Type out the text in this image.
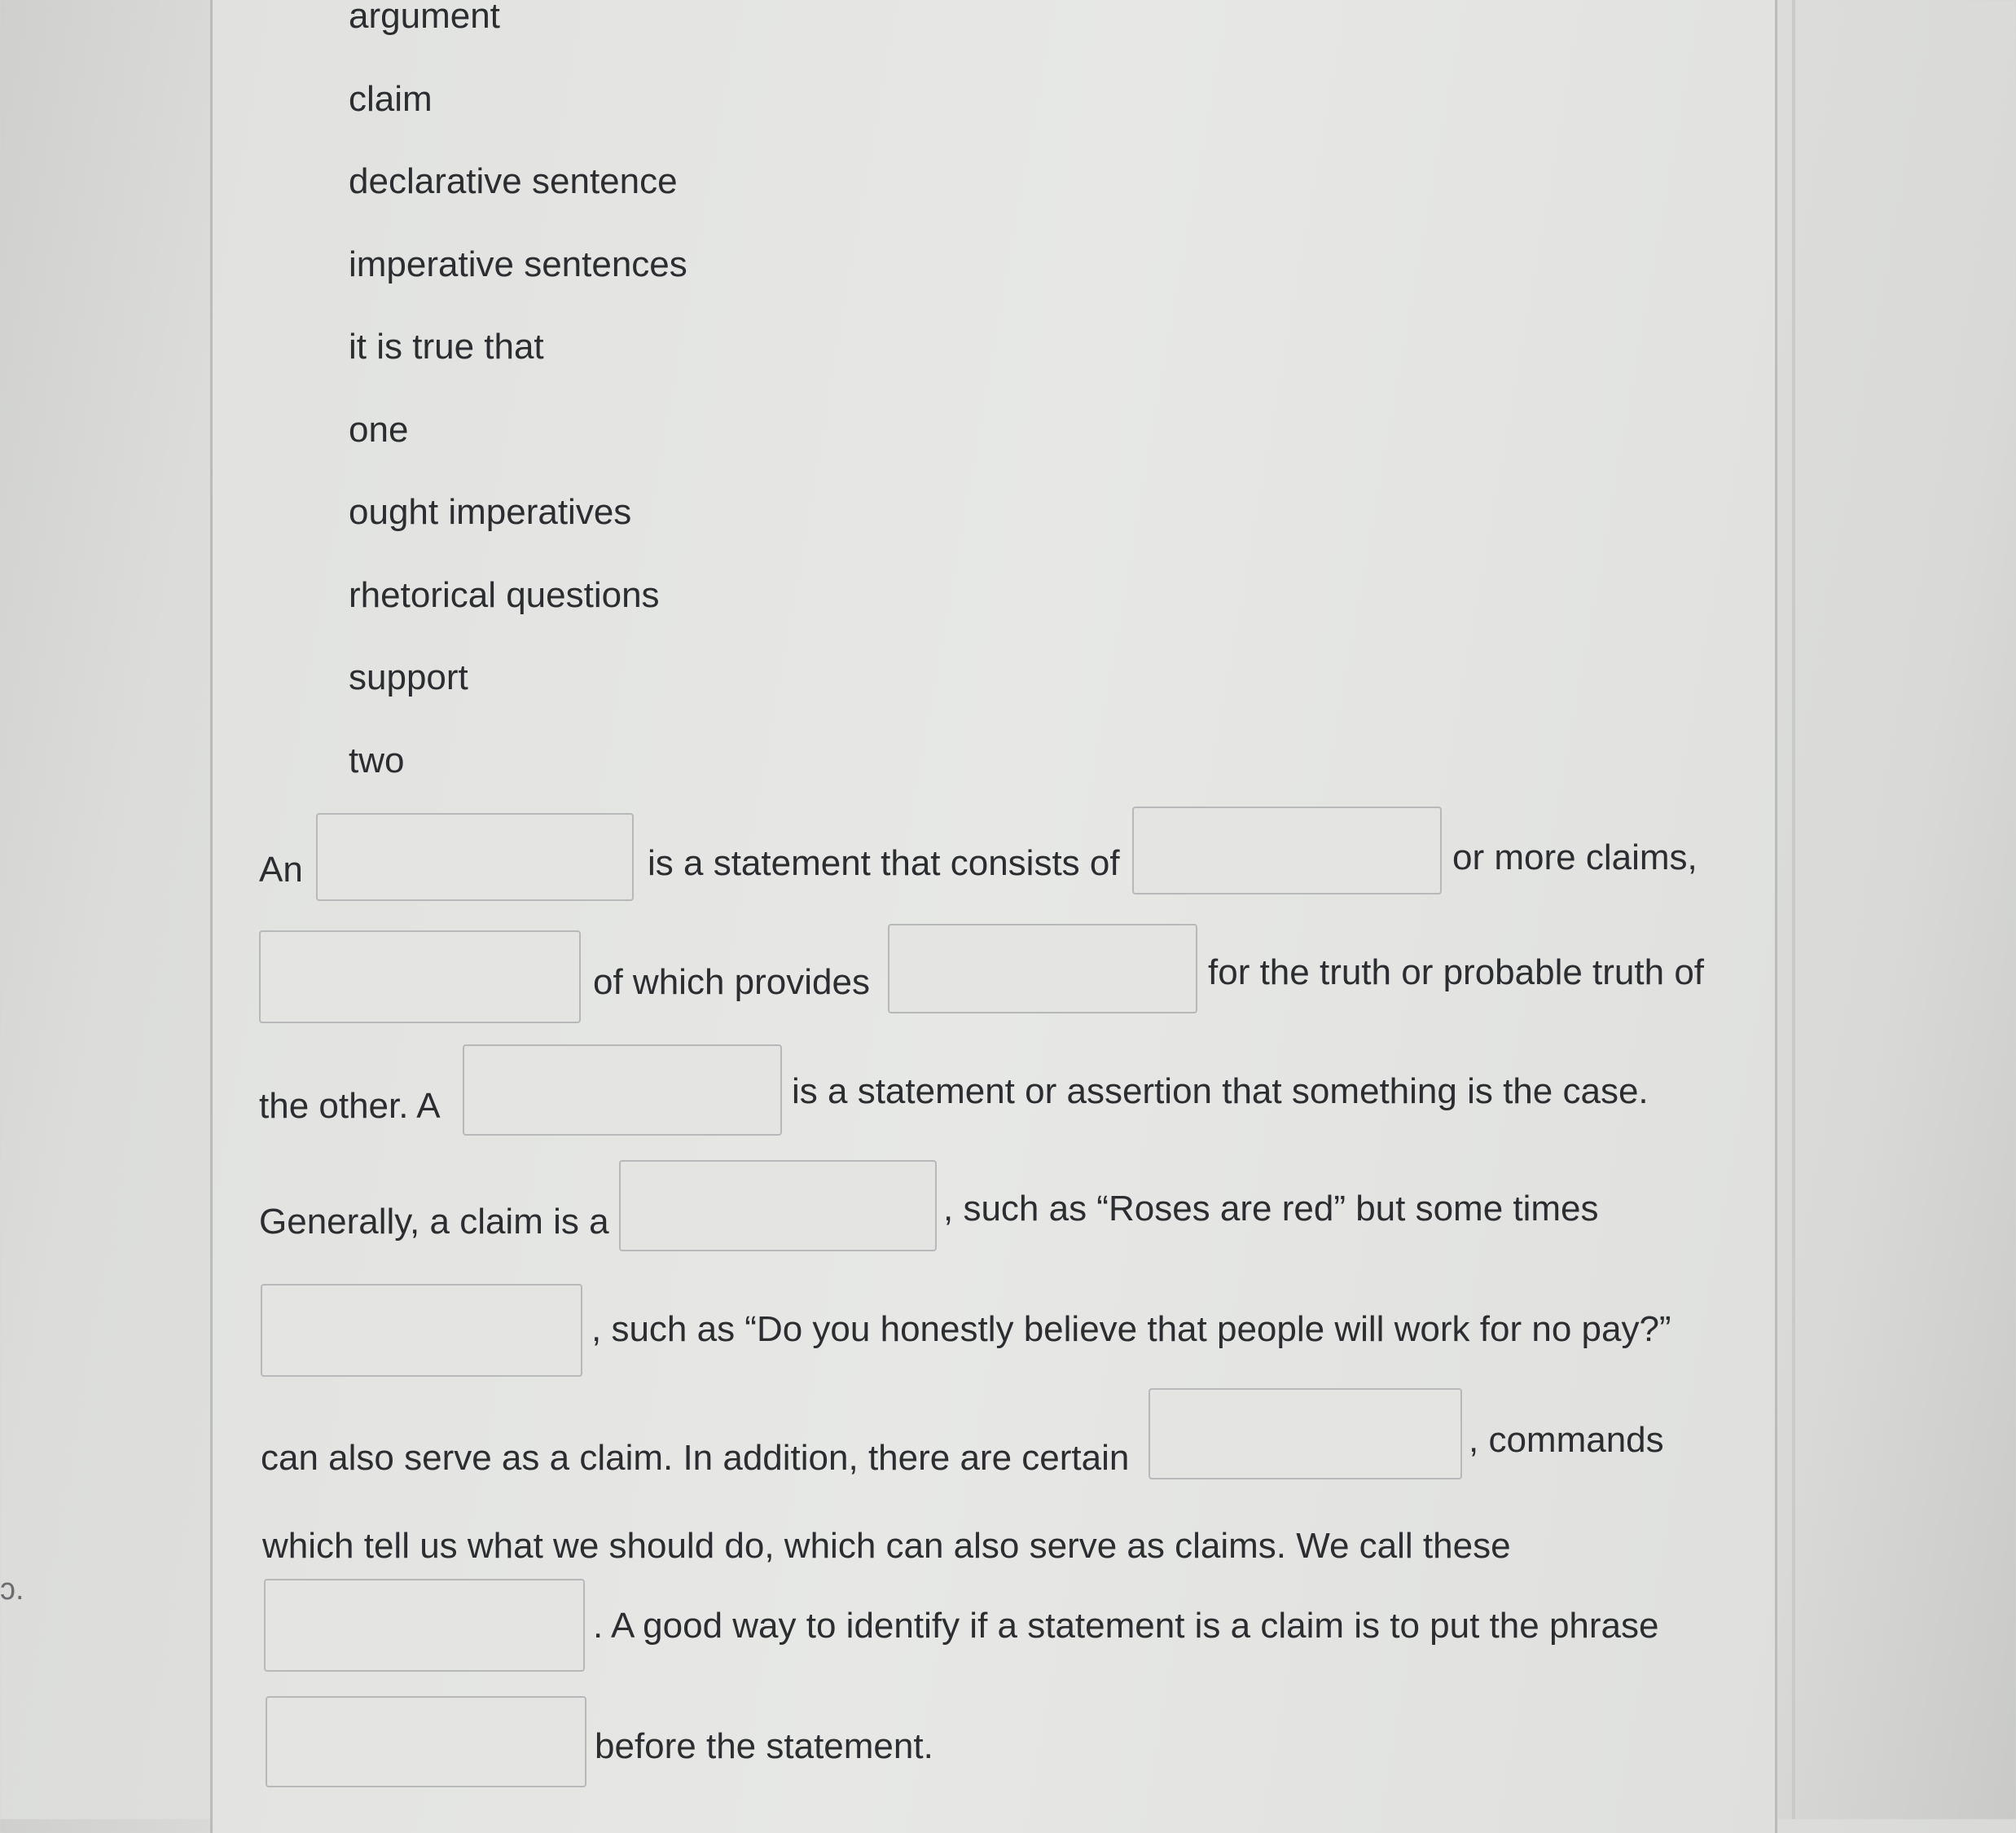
ɔ.
argument
claim
declarative sentence
imperative sentences
it is true that
one
ought imperatives
rhetorical questions
support
two
An	is a statement that consists of	or more claims,
of which provides	for the truth or probable truth of
the other. A	is a statement or assertion that something is the case.
Generally, a claim is a	, such as “Roses are red” but some times
, such as “Do you honestly believe that people will work for no pay?”
can also serve as a claim. In addition, there are certain	, commands
which tell us what we should do, which can also serve as claims. We call these
. A good way to identify if a statement is a claim is to put the phrase
before the statement.
